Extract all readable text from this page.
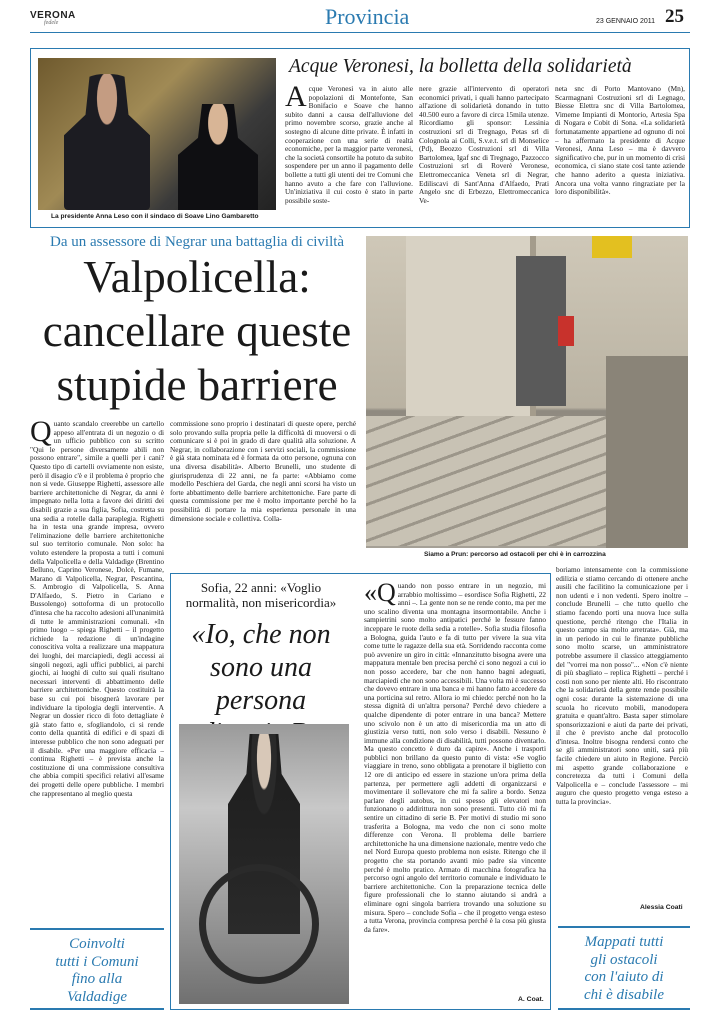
VERONA
fedele	Provincia	23 GENNAIO 2011 25
La presidente Anna Leso con il sindaco di Soave Lino Gambaretto
Acque Veronesi, la bolletta della solidarietà
Acque Veronesi va in aiuto alle popolazioni di Montefonte, San Bonifacio e Soave che hanno subito danni a causa dell'alluvione del primo novembre scorso, grazie anche al sostegno di alcune ditte private. È infatti in cooperazione con una serie di realtà economiche, per la maggior parte veronesi, che la società consortile ha potuto da subito sospendere per un anno il pagamento delle bollette a tutti gli utenti dei tre Comuni che hanno avuto a che fare con l'alluvione. Un'iniziativa il cui costo è stato in parte possibile soste-
nere grazie all'intervento di operatori economici privati, i quali hanno partecipato all'azione di solidarietà donando in tutto 40.500 euro a favore di circa 15mila utenze. Ricordiamo gli sponsor: Lessinia costruzioni srl di Tregnago, Petas srl di Colognola ai Colli, S.v.e.t. srl di Monselice (Pd), Beozzo Costruzioni srl di Villa Bartolomea, Igaf snc di Tregnago, Pazzocco Costruzioni srl di Roverè Veronese, Elettromeccanica Veneta srl di Negrar, Ediliscavi di Sant'Anna d'Alfaedo, Prati Angelo snc di Erbezzo, Elettromeccanica Ve-
neta snc di Porto Mantovano (Mn), Scarmagnani Costruzioni srl di Legnago, Biesse Elettra snc di Villa Bartolomea, Vimeme Impianti di Montorio, Artesia Spa di Nogara e Cobit di Sona. «La solidarietà fortunatamente appartiene ad ognuno di noi – ha affermato la presidente di Acque Veronesi, Anna Leso – ma è davvero significativo che, pur in un momento di crisi economica, ci siano state così tante aziende che hanno aderito a questa iniziativa. Ancora una volta vanno ringraziate per la loro disponibilità».
Da un assessore di Negrar una battaglia di civiltà
Valpolicella:
cancellare queste
stupide barriere
Siamo a Prun: percorso ad ostacoli per chi è in carrozzina
Quanto scandalo creerebbe un cartello appeso all'entrata di un negozio o di un ufficio pubblico con su scritto "Qui le persone diversamente abili non possono entrare", simile a quelli per i cani? Questo tipo di cartelli ovviamente non esiste, però il disagio c'è e il problema è proprio che non si vede. Giuseppe Righetti, assessore alle barriere architettoniche di Negrar, da anni è impegnato nella lotta a favore dei diritti dei disabili grazie a sua figlia, Sofia, costretta su una sedia a rotelle dalla paraplegia. Righetti ha in testa una grande impresa, ovvero l'eliminazione delle barriere architettoniche sul suo territorio comunale. Non solo: ha voluto estendere la proposta a tutti i comuni della Valpolicella e della Valdadige (Brentino Belluno, Caprino Veronese, Dolcè, Fumane, Marano di Valpolicella, Negrar, Pescantina, S. Ambrogio di Valpolicella, S. Anna D'Alfaedo, S. Pietro in Cariano e Bussolengo) sottoforma di un protocollo d'intesa che ha raccolto adesioni all'unanimità di tutte le amministrazioni comunali. «In primo luogo – spiega Righetti – il progetto richiede la redazione di un'indagine conoscitiva volta a realizzare una mappatura dei luoghi, dei marciapiedi, degli accessi ai singoli negozi, agli uffici pubblici, ai parchi giochi, ai luoghi di culto sui quali risultano necessari interventi di abbattimento delle barriere architettoniche. Questo costituirà la base su cui poi bisognerà lavorare per individuare la tipologia degli interventi». A Negrar un dossier ricco di foto dettagliate è già stato fatto e, sfogliandolo, ci si rende conto della quantità di edifici e di spazi di interesse pubblico che non sono adeguati per il disabile. «Per una maggiore efficacia – continua Righetti – è prevista anche la costituzione di una commissione consultiva che abbia compiti specifici relativi all'esame dei progetti delle opere pubbliche. I membri che rappresentano al meglio questa
commissione sono proprio i destinatari di queste opere, perché solo provando sulla propria pelle la difficoltà di muoversi o di comunicare si è poi in grado di dare qualità alla soluzione. A Negrar, in collaborazione con i servizi sociali, la commissione è già stata nominata ed è formata da otto persone, ognuna con una diversa disabilità». Alberto Brunelli, uno studente di giurisprudenza di 22 anni, ne fa parte: «Abbiamo come modello Peschiera del Garda, che negli anni scorsi ha visto un forte abbattimento delle barriere architettoniche. Fare parte di questa commissione per me è molto importante perché ho la possibilità di portare la mia esperienza personale in una dimensione sociale e collettiva. Colla-
boriamo intensamente con la commissione edilizia e stiamo cercando di ottenere anche ausili che facilitino la comunicazione per i non udenti e i non vedenti. Spero inoltre – conclude Brunelli – che tutto quello che stiamo facendo porti una nuova luce sulla questione, perché ritengo che l'Italia in questo campo sia molto arretrata». Già, ma in un periodo in cui le finanze pubbliche sono molto scarse, un amministratore potrebbe assumere il classico atteggiamento del "vorrei ma non posso"... «Non c'è niente di più sbagliato – replica Righetti – perché i costi non sono per niente alti. Ho riscontrato che la solidarietà della gente rende possibile ogni cosa: durante la sistemazione di una scuola ho ricevuto mobili, manodopera gratuita e quant'altro. Basta saper stimolare sponsorizzazioni e aiuti da parte dei privati, il che è previsto anche dal protocollo d'intesa. Inoltre bisogna rendersi conto che se gli amministratori sono uniti, sarà più facile chiedere un aiuto in Regione. Perciò mi aspetto grande collaborazione e concretezza da tutti i Comuni della Valpolicella e – conclude l'assessore – mi auguro che questo progetto venga esteso a tutta la provincia».
Alessia Coati
Sofia, 22 anni: «Voglio
normalità, non misericordia»
«Io, che non
sono una persona
«Quando non posso entrare in un negozio, mi arrabbio moltissimo – esordisce Sofia Righetti, 22 anni –. La gente non se ne rende conto, ma per me uno scalino diventa una montagna insormontabile. Anche i sampietrini sono molto antipatici perché le fessure fanno incepparе le ruote della sedia a rotelle». Sofia studia filosofia a Bologna, guida l'auto e fa di tutto per vivere la sua vita come tutte le ragazze della sua età. Sorridendo racconta come può avvenire un giro in città: «Innanzitutto bisogna avere una mappatura mentale ben precisa perché ci sono negozi a cui io non posso accedere, bar che non hanno bagni adeguati, marciapiedi che non sono accessibili. Una volta mi è successo che dovevo entrare in una banca e mi hanno fatto accedere da una porticina sul retro. Allora io mi chiedo: perché non ho la stessa dignità di un'altra persona? Perché devo chiedere a qualche dipendente di poter entrare in una banca? Mettere uno scivolo non è un atto di misericordia ma un atto di giustizia verso tutti, non solo verso i disabili. Nessuno è immune alla condizione di disabilità, tutti possono diventarlo. Ma questo concetto è duro da capire». Anche i trasporti pubblici non brillano da questo punto di vista: «Se voglio viaggiare in treno, sono obbligata a prenotare il biglietto con 12 ore di anticipo ed essere in stazione un'ora prima della partenza, per permettere agli addetti di organizzarsi e movimentare il sollevatore che mi fa salire a bordo. Senza parlare degli autobus, in cui spesso gli elevatori non funzionano o addirittura non sono presenti. Tutto ciò mi fa sentire un cittadino di serie B. Per motivi di studio mi sono trasferita a Bologna, ma vedo che non ci sono molte differenze con Verona. Il problema delle barriere architettoniche ha una dimensione nazionale, mentre vedo che nel Nord Europa questo problema non esiste. Ritengo che il progetto che sta portando avanti mio padre sia vincente perché è molto pratico. Armato di macchina fotografica ha percorso ogni angolo del territorio comunale e individuato le barriere architettoniche. Con la preparazione tecnica delle figure professionali che lo stanno aiutando si andrà a eliminare ogni singola barriera trovando una soluzione su misura. Spero – conclude Sofia – che il progetto venga esteso a tutta Verona, provincia compresa perché è la cosa più giusta da fare».
A. Coat.
Coinvolti
tutti i Comuni
fino alla
Valdadige
Mappati tutti
gli ostacoli
con l'aiuto di
chi è disabile
